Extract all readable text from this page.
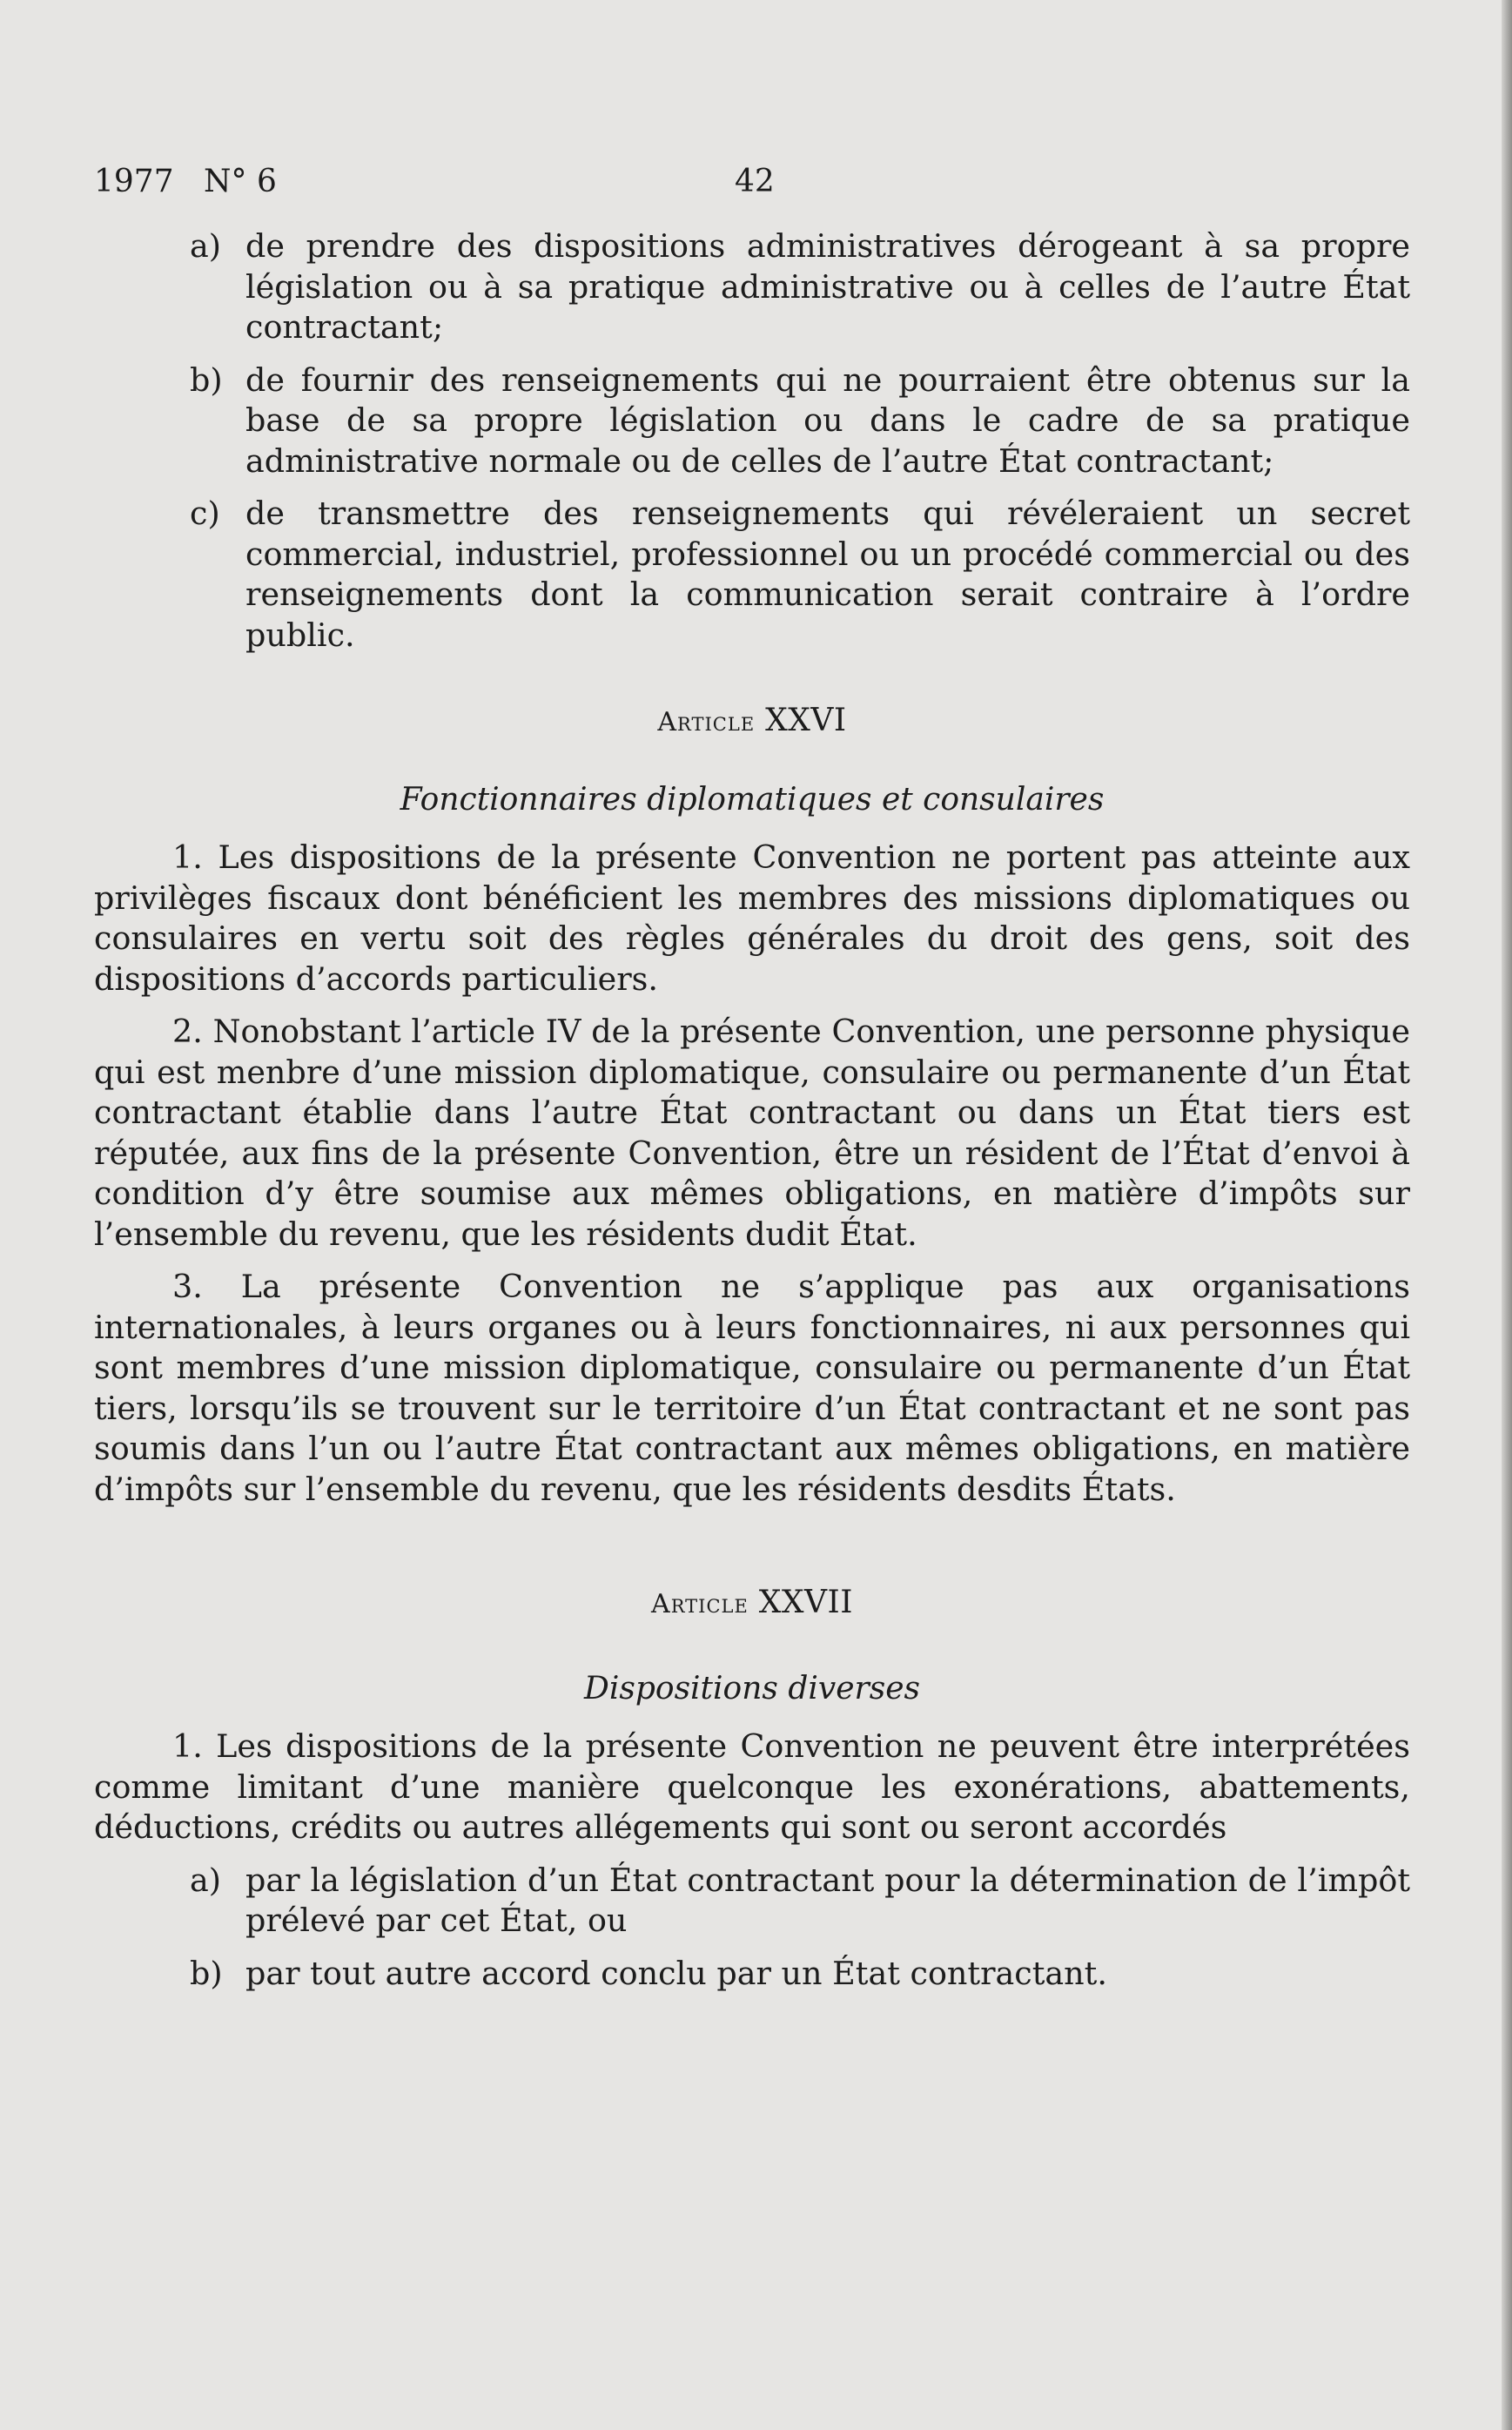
1977 N° 6	42

a) de prendre des dispositions administratives dérogeant à sa propre législation ou à sa pratique administrative ou à celles de l’autre État contractant;

b) de fournir des renseignements qui ne pourraient être obtenus sur la base de sa propre législation ou dans le cadre de sa pratique administrative normale ou de celles de l’autre État contractant;

c) de transmettre des renseignements qui révéleraient un secret commercial, industriel, professionnel ou un procédé commercial ou des renseignements dont la communication serait contraire à l’ordre public.

Article XXVI

Fonctionnaires diplomatiques et consulaires

1. Les dispositions de la présente Convention ne portent pas atteinte aux privilèges fiscaux dont bénéficient les membres des missions diplomatiques ou consulaires en vertu soit des règles générales du droit des gens, soit des dispositions d’accords particuliers.

2. Nonobstant l’article IV de la présente Convention, une personne physique qui est menbre d’une mission diplomatique, consulaire ou permanente d’un État contractant établie dans l’autre État contractant ou dans un État tiers est réputée, aux fins de la présente Convention, être un résident de l’État d’envoi à condition d’y être soumise aux mêmes obligations, en matière d’impôts sur l’ensemble du revenu, que les résidents dudit État.

3. La présente Convention ne s’applique pas aux organisations internationales, à leurs organes ou à leurs fonctionnaires, ni aux personnes qui sont membres d’une mission diplomatique, consulaire ou permanente d’un État tiers, lorsqu’ils se trouvent sur le territoire d’un État contractant et ne sont pas soumis dans l’un ou l’autre État contractant aux mêmes obligations, en matière d’impôts sur l’ensemble du revenu, que les résidents desdits États.

Article XXVII

Dispositions diverses

1. Les dispositions de la présente Convention ne peuvent être interprétées comme limitant d’une manière quelconque les exonérations, abattements, déductions, crédits ou autres allégements qui sont ou seront accordés

a) par la législation d’un État contractant pour la détermination de l’impôt prélevé par cet État, ou

b) par tout autre accord conclu par un État contractant.
